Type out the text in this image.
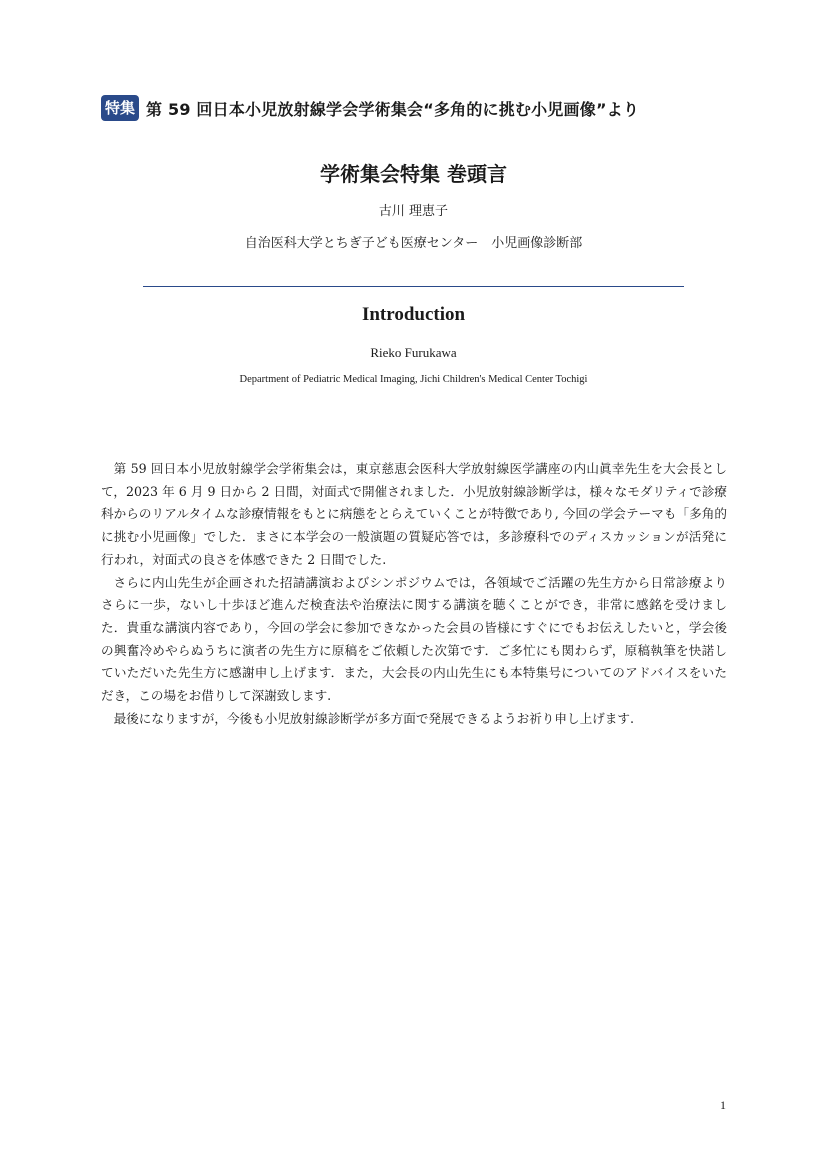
特集 第 59 回日本小児放射線学会学術集会“多角的に挑む小児画像”より
学術集会特集 巻頭言
古川 理恵子
自治医科大学とちぎ子ども医療センター　小児画像診断部
Introduction
Rieko Furukawa
Department of Pediatric Medical Imaging, Jichi Children's Medical Center Tochigi

第 59 回日本小児放射線学会学術集会は，東京慈恵会医科大学放射線医学講座の内山眞幸先生を大会長として，2023 年 6 月 9 日から 2 日間，対面式で開催されました．小児放射線診断学は，様々なモダリティで診療科からのリアルタイムな診療情報をもとに病態をとらえていくことが特徴であり, 今回の学会テーマも「多角的に挑む小児画像」でした．まさに本学会の一般演題の質疑応答では，多診療科でのディスカッションが活発に行われ，対面式の良さを体感できた 2 日間でした.

さらに内山先生が企画された招請講演およびシンポジウムでは，各領域でご活躍の先生方から日常診療よりさらに一歩，ないし十歩ほど進んだ検査法や治療法に関する講演を聴くことができ，非常に感銘を受けました．貴重な講演内容であり，今回の学会に参加できなかった会員の皆様にすぐにでもお伝えしたいと，学会後の興奮冷めやらぬうちに演者の先生方に原稿をご依頼した次第です．ご多忙にも関わらず，原稿執筆を快諾していただいた先生方に感謝申し上げます．また，大会長の内山先生にも本特集号についてのアドバイスをいただき，この場をお借りして深謝致します.

最後になりますが，今後も小児放射線診断学が多方面で発展できるようお祈り申し上げます.

1
